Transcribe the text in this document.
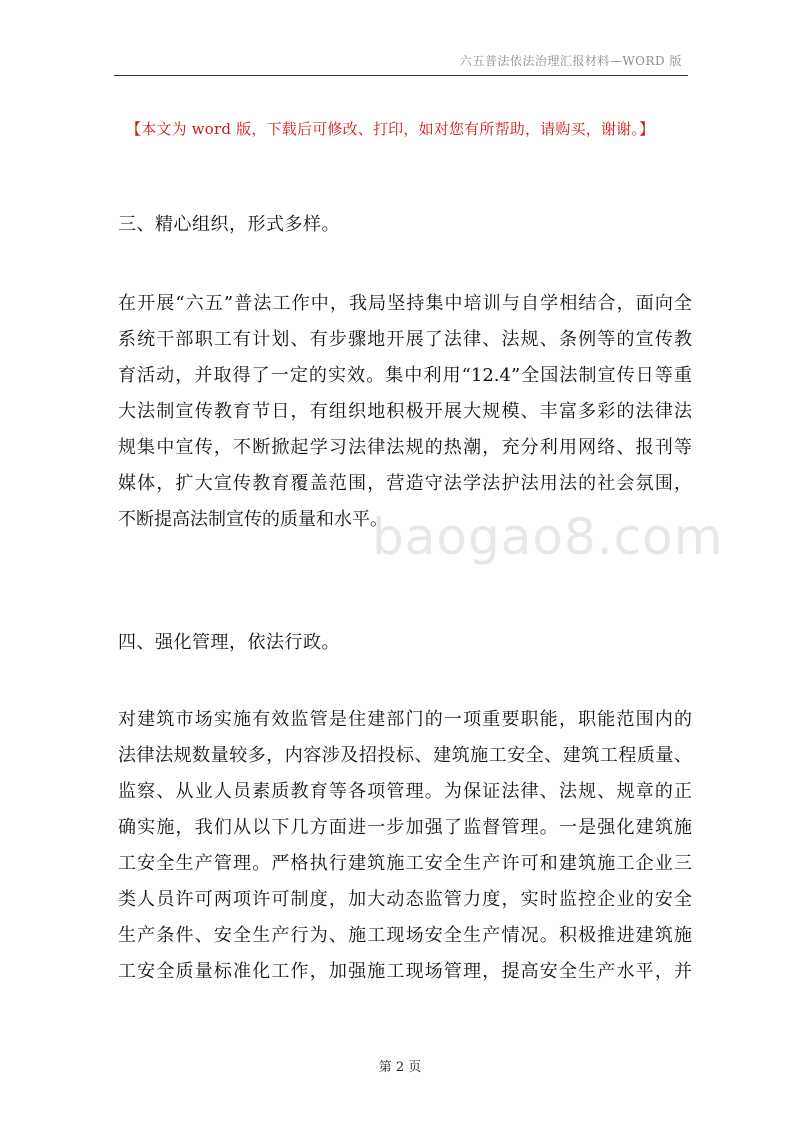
六五普法依法治理汇报材料—WORD 版
【本文为 word 版，下载后可修改、打印，如对您有所帮助，请购买，谢谢。】
三、精心组织，形式多样。
在开展“六五”普法工作中，我局坚持集中培训与自学相结合，面向全
系统干部职工有计划、有步骤地开展了法律、法规、条例等的宣传教
育活动，并取得了一定的实效。集中利用“12.4”全国法制宣传日等重
大法制宣传教育节日，有组织地积极开展大规模、丰富多彩的法律法
规集中宣传，不断掀起学习法律法规的热潮，充分利用网络、报刊等
媒体，扩大宣传教育覆盖范围，营造守法学法护法用法的社会氛围，
不断提高法制宣传的质量和水平。
baogao8.com
四、强化管理，依法行政。
对建筑市场实施有效监管是住建部门的一项重要职能，职能范围内的
法律法规数量较多，内容涉及招投标、建筑施工安全、建筑工程质量、
监察、从业人员素质教育等各项管理。为保证法律、法规、规章的正
确实施，我们从以下几方面进一步加强了监督管理。一是强化建筑施
工安全生产管理。严格执行建筑施工安全生产许可和建筑施工企业三
类人员许可两项许可制度，加大动态监管力度，实时监控企业的安全
生产条件、安全生产行为、施工现场安全生产情况。积极推进建筑施
工安全质量标准化工作，加强施工现场管理，提高安全生产水平，并
第 2 页
